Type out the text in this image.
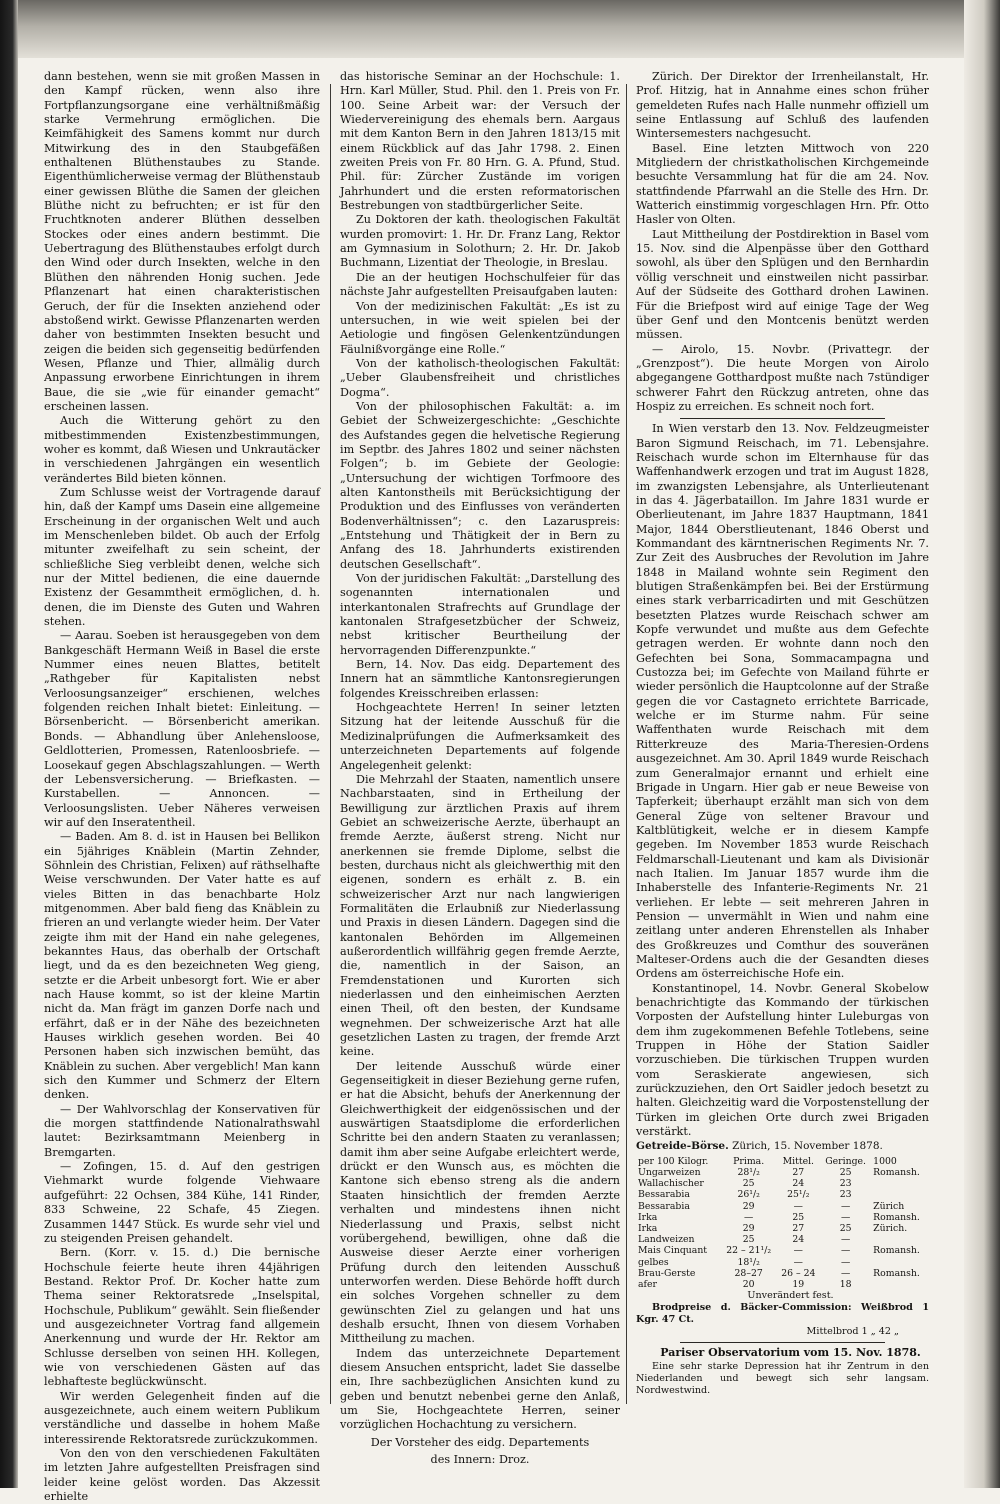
dann bestehen, wenn sie mit großen Massen in den Kampf rücken, wenn also ihre Fortpflanzungsorgane eine verhältnißmäßig starke Vermehrung ermöglichen. Die Keimfähigkeit des Samens kommt nur durch Mitwirkung des in den Staubgefäßen enthaltenen Blüthenstaubes zu Stande. Eigenthümlicherweise vermag der Blüthenstaub einer gewissen Blüthe die Samen der gleichen Blüthe nicht zu befruchten; er ist für den Fruchtknoten anderer Blüthen desselben Stockes oder eines andern bestimmt. Die Uebertragung des Blüthenstaubes erfolgt durch den Wind oder durch Insekten, welche in den Blüthen den nährenden Honig suchen. Jede Pflanzenart hat einen charakteristischen Geruch, der für die Insekten anziehend oder abstoßend wirkt. Gewisse Pflanzenarten werden daher von bestimmten Insekten besucht und zeigen die beiden sich gegenseitig bedürfenden Wesen, Pflanze und Thier, allmälig durch Anpassung erworbene Einrichtungen in ihrem Baue, die sie „wie für einander gemacht“ erscheinen lassen.

Auch die Witterung gehört zu den mitbestimmenden Existenzbestimmungen, woher es kommt, daß Wiesen und Unkrautäcker in verschiedenen Jahrgängen ein wesentlich verändertes Bild bieten können.

Zum Schlusse weist der Vortragende darauf hin, daß der Kampf ums Dasein eine allgemeine Erscheinung in der organischen Welt und auch im Menschenleben bildet. Ob auch der Erfolg mitunter zweifelhaft zu sein scheint, der schließliche Sieg verbleibt denen, welche sich nur der Mittel bedienen, die eine dauernde Existenz der Gesammtheit ermöglichen, d. h. denen, die im Dienste des Guten und Wahren stehen.

— Aarau. Soeben ist herausgegeben von dem Bankgeschäft Hermann Weiß in Basel die erste Nummer eines neuen Blattes, betitelt „Rathgeber für Kapitalisten nebst Verloosungsanzeiger“ erschienen, welches folgenden reichen Inhalt bietet: Einleitung. — Börsenbericht. — Börsenbericht amerikan. Bonds. — Abhandlung über Anlehensloose, Geldlotterien, Promessen, Ratenloosbriefe. — Loosekauf gegen Abschlagszahlungen. — Werth der Lebensversicherung. — Briefkasten. — Kurstabellen. — Annoncen. — Verloosungslisten. Ueber Näheres verweisen wir auf den Inseratentheil.

— Baden. Am 8. d. ist in Hausen bei Bellikon ein 5jähriges Knäblein (Martin Zehnder, Söhnlein des Christian, Felixen) auf räthselhafte Weise verschwunden. Der Vater hatte es auf vieles Bitten in das benachbarte Holz mitgenommen. Aber bald fieng das Knäblein zu frieren an und verlangte wieder heim. Der Vater zeigte ihm mit der Hand ein nahe gelegenes, bekanntes Haus, das oberhalb der Ortschaft liegt, und da es den bezeichneten Weg gieng, setzte er die Arbeit unbesorgt fort. Wie er aber nach Hause kommt, so ist der kleine Martin nicht da. Man frägt im ganzen Dorfe nach und erfährt, daß er in der Nähe des bezeichneten Hauses wirklich gesehen worden. Bei 40 Personen haben sich inzwischen bemüht, das Knäblein zu suchen. Aber vergeblich! Man kann sich den Kummer und Schmerz der Eltern denken.

— Der Wahlvorschlag der Konservativen für die morgen stattfindende Nationalrathswahl lautet: Bezirksamtmann Meienberg in Bremgarten.

— Zofingen, 15. d. Auf den gestrigen Viehmarkt wurde folgende Viehwaare aufgeführt: 22 Ochsen, 384 Kühe, 141 Rinder, 833 Schweine, 22 Schafe, 45 Ziegen. Zusammen 1447 Stück. Es wurde sehr viel und zu steigenden Preisen gehandelt.

Bern. (Korr. v. 15. d.) Die bernische Hochschule feierte heute ihren 44jährigen Bestand. Rektor Prof. Dr. Kocher hatte zum Thema seiner Rektoratsrede „Inselspital, Hochschule, Publikum“ gewählt. Sein fließender und ausgezeichneter Vortrag fand allgemein Anerkennung und wurde der Hr. Rektor am Schlusse derselben von seinen HH. Kollegen, wie von verschiedenen Gästen auf das lebhafteste beglückwünscht.

Wir werden Gelegenheit finden auf die ausgezeichnete, auch einem weitern Publikum verständliche und dasselbe in hohem Maße interessirende Rektoratsrede zurückzukommen.

Von den von den verschiedenen Fakultäten im letzten Jahre aufgestellten Preisfragen sind leider keine gelöst worden. Das Akzessit erhielte

das historische Seminar an der Hochschule: 1. Hrn. Karl Müller, Stud. Phil. den 1. Preis von Fr. 100. Seine Arbeit war: der Versuch der Wiedervereinigung des ehemals bern. Aargaus mit dem Kanton Bern in den Jahren 1813/15 mit einem Rückblick auf das Jahr 1798. 2. Einen zweiten Preis von Fr. 80 Hrn. G. A. Pfund, Stud. Phil. für: Zürcher Zustände im vorigen Jahrhundert und die ersten reformatorischen Bestrebungen von stadtbürgerlicher Seite.

Zu Doktoren der kath. theologischen Fakultät wurden promovirt: 1. Hr. Dr. Franz Lang, Rektor am Gymnasium in Solothurn; 2. Hr. Dr. Jakob Buchmann, Lizentiat der Theologie, in Breslau.

Die an der heutigen Hochschulfeier für das nächste Jahr aufgestellten Preisaufgaben lauten:

Von der medizinischen Fakultät: „Es ist zu untersuchen, in wie weit spielen bei der Aetiologie und fingösen Gelenkentzündungen Fäulnißvorgänge eine Rolle.“

Von der katholisch-theologischen Fakultät: „Ueber Glaubensfreiheit und christliches Dogma“.

Von der philosophischen Fakultät: a. im Gebiet der Schweizergeschichte: „Geschichte des Aufstandes gegen die helvetische Regierung im Septbr. des Jahres 1802 und seiner nächsten Folgen“; b. im Gebiete der Geologie: „Untersuchung der wichtigen Torfmoore des alten Kantonstheils mit Berücksichtigung der Produktion und des Einflusses von veränderten Bodenverhältnissen“; c. den Lazaruspreis: „Entstehung und Thätigkeit der in Bern zu Anfang des 18. Jahrhunderts existirenden deutschen Gesellschaft“.

Von der juridischen Fakultät: „Darstellung des sogenannten internationalen und interkantonalen Strafrechts auf Grundlage der kantonalen Strafgesetzbücher der Schweiz, nebst kritischer Beurtheilung der hervorragenden Differenzpunkte.“

Bern, 14. Nov. Das eidg. Departement des Innern hat an sämmtliche Kantonsregierungen folgendes Kreisschreiben erlassen:

Hochgeachtete Herren! In seiner letzten Sitzung hat der leitende Ausschuß für die Medizinalprüfungen die Aufmerksamkeit des unterzeichneten Departements auf folgende Angelegenheit gelenkt:

Die Mehrzahl der Staaten, namentlich unsere Nachbarstaaten, sind in Ertheilung der Bewilligung zur ärztlichen Praxis auf ihrem Gebiet an schweizerische Aerzte, überhaupt an fremde Aerzte, äußerst streng. Nicht nur anerkennen sie fremde Diplome, selbst die besten, durchaus nicht als gleichwerthig mit den eigenen, sondern es erhält z. B. ein schweizerischer Arzt nur nach langwierigen Formalitäten die Erlaubniß zur Niederlassung und Praxis in diesen Ländern. Dagegen sind die kantonalen Behörden im Allgemeinen außerordentlich willfährig gegen fremde Aerzte, die, namentlich in der Saison, an Fremdenstationen und Kurorten sich niederlassen und den einheimischen Aerzten einen Theil, oft den besten, der Kundsame wegnehmen. Der schweizerische Arzt hat alle gesetzlichen Lasten zu tragen, der fremde Arzt keine.

Der leitende Ausschuß würde einer Gegenseitigkeit in dieser Beziehung gerne rufen, er hat die Absicht, behufs der Anerkennung der Gleichwerthigkeit der eidgenössischen und der auswärtigen Staatsdiplome die erforderlichen Schritte bei den andern Staaten zu veranlassen; damit ihm aber seine Aufgabe erleichtert werde, drückt er den Wunsch aus, es möchten die Kantone sich ebenso streng als die andern Staaten hinsichtlich der fremden Aerzte verhalten und mindestens ihnen nicht Niederlassung und Praxis, selbst nicht vorübergehend, bewilligen, ohne daß die Ausweise dieser Aerzte einer vorherigen Prüfung durch den leitenden Ausschuß unterworfen werden. Diese Behörde hofft durch ein solches Vorgehen schneller zu dem gewünschten Ziel zu gelangen und hat uns deshalb ersucht, Ihnen von diesem Vorhaben Mittheilung zu machen.

Indem das unterzeichnete Departement diesem Ansuchen entspricht, ladet Sie dasselbe ein, Ihre sachbezüglichen Ansichten kund zu geben und benutzt nebenbei gerne den Anlaß, um Sie, Hochgeachtete Herren, seiner vorzüglichen Hochachtung zu versichern.

Der Vorsteher des eidg. Departements

des Innern: Droz.

Zürich. Der Direktor der Irrenheilanstalt, Hr. Prof. Hitzig, hat in Annahme eines schon früher gemeldeten Rufes nach Halle nunmehr offiziell um seine Entlassung auf Schluß des laufenden Wintersemesters nachgesucht.

Basel. Eine letzten Mittwoch von 220 Mitgliedern der christkatholischen Kirchgemeinde besuchte Versammlung hat für die am 24. Nov. stattfindende Pfarrwahl an die Stelle des Hrn. Dr. Watterich einstimmig vorgeschlagen Hrn. Pfr. Otto Hasler von Olten.

Laut Mittheilung der Postdirektion in Basel vom 15. Nov. sind die Alpenpässe über den Gotthard sowohl, als über den Splügen und den Bernhardin völlig verschneit und einstweilen nicht passirbar. Auf der Südseite des Gotthard drohen Lawinen. Für die Briefpost wird auf einige Tage der Weg über Genf und den Montcenis benützt werden müssen.

— Airolo, 15. Novbr. (Privattegr. der „Grenzpost“). Die heute Morgen von Airolo abgegangene Gotthardpost mußte nach 7stündiger schwerer Fahrt den Rückzug antreten, ohne das Hospiz zu erreichen. Es schneit noch fort.

In Wien verstarb den 13. Nov. Feldzeugmeister Baron Sigmund Reischach, im 71. Lebensjahre. Reischach wurde schon im Elternhause für das Waffenhandwerk erzogen und trat im August 1828, im zwanzigsten Lebensjahre, als Unterlieutenant in das 4. Jägerbataillon. Im Jahre 1831 wurde er Oberlieutenant, im Jahre 1837 Hauptmann, 1841 Major, 1844 Oberstlieutenant, 1846 Oberst und Kommandant des kärntnerischen Regiments Nr. 7. Zur Zeit des Ausbruches der Revolution im Jahre 1848 in Mailand wohnte sein Regiment den blutigen Straßenkämpfen bei. Bei der Erstürmung eines stark verbarricadirten und mit Geschützen besetzten Platzes wurde Reischach schwer am Kopfe verwundet und mußte aus dem Gefechte getragen werden. Er wohnte dann noch den Gefechten bei Sona, Sommacampagna und Custozza bei; im Gefechte von Mailand führte er wieder persönlich die Hauptcolonne auf der Straße gegen die vor Castagneto errichtete Barricade, welche er im Sturme nahm. Für seine Waffenthaten wurde Reischach mit dem Ritterkreuze des Maria-Theresien-Ordens ausgezeichnet. Am 30. April 1849 wurde Reischach zum Generalmajor ernannt und erhielt eine Brigade in Ungarn. Hier gab er neue Beweise von Tapferkeit; überhaupt erzählt man sich von dem General Züge von seltener Bravour und Kaltblütigkeit, welche er in diesem Kampfe gegeben. Im November 1853 wurde Reischach Feldmarschall-Lieutenant und kam als Divisionär nach Italien. Im Januar 1857 wurde ihm die Inhaberstelle des Infanterie-Regiments Nr. 21 verliehen. Er lebte — seit mehreren Jahren in Pension — unvermählt in Wien und nahm eine zeitlang unter anderen Ehrenstellen als Inhaber des Großkreuzes und Comthur des souveränen Malteser-Ordens auch die der Gesandten dieses Ordens am österreichische Hofe ein.

Konstantinopel, 14. Novbr. General Skobelow benachrichtigte das Kommando der türkischen Vorposten der Aufstellung hinter Luleburgas von dem ihm zugekommenen Befehle Totlebens, seine Truppen in Höhe der Station Saidler vorzuschieben. Die türkischen Truppen wurden vom Seraskierate angewiesen, sich zurückzuziehen, den Ort Saidler jedoch besetzt zu halten. Gleichzeitig ward die Vorpostenstellung der Türken im gleichen Orte durch zwei Brigaden verstärkt.

Getreide-Börse. Zürich, 15. November 1878.

per 100 Kilogr.	Prima.	Mittel.	Geringe.	1000
Ungarweizen	28¹/₂	27	25	Romansh.
Wallachischer	25	24	23	
Bessarabia	26¹/₂	25¹/₂	23	
Bessarabia	29	—	—	Zürich
Irka	—	25	—	Romansh.
Irka	29	27	25	Zürich.
Landweizen	25	24	—	
Mais Cinquant	22 – 21¹/₂	—	—	Romansh.
gelbes	18¹/₂	—	—	
Brau-Gerste	28–27	26 – 24	—	Romansh.
afer	20	19	18	

Unverändert fest.

Brodpreise d. Bäcker-Commission: Weißbrod 1 Kgr. 47 Ct.

Mittelbrod 1 „ 42 „

Pariser Observatorium vom 15. Nov. 1878.

Eine sehr starke Depression hat ihr Zentrum in den Niederlanden und bewegt sich sehr langsam. Nordwestwind.
